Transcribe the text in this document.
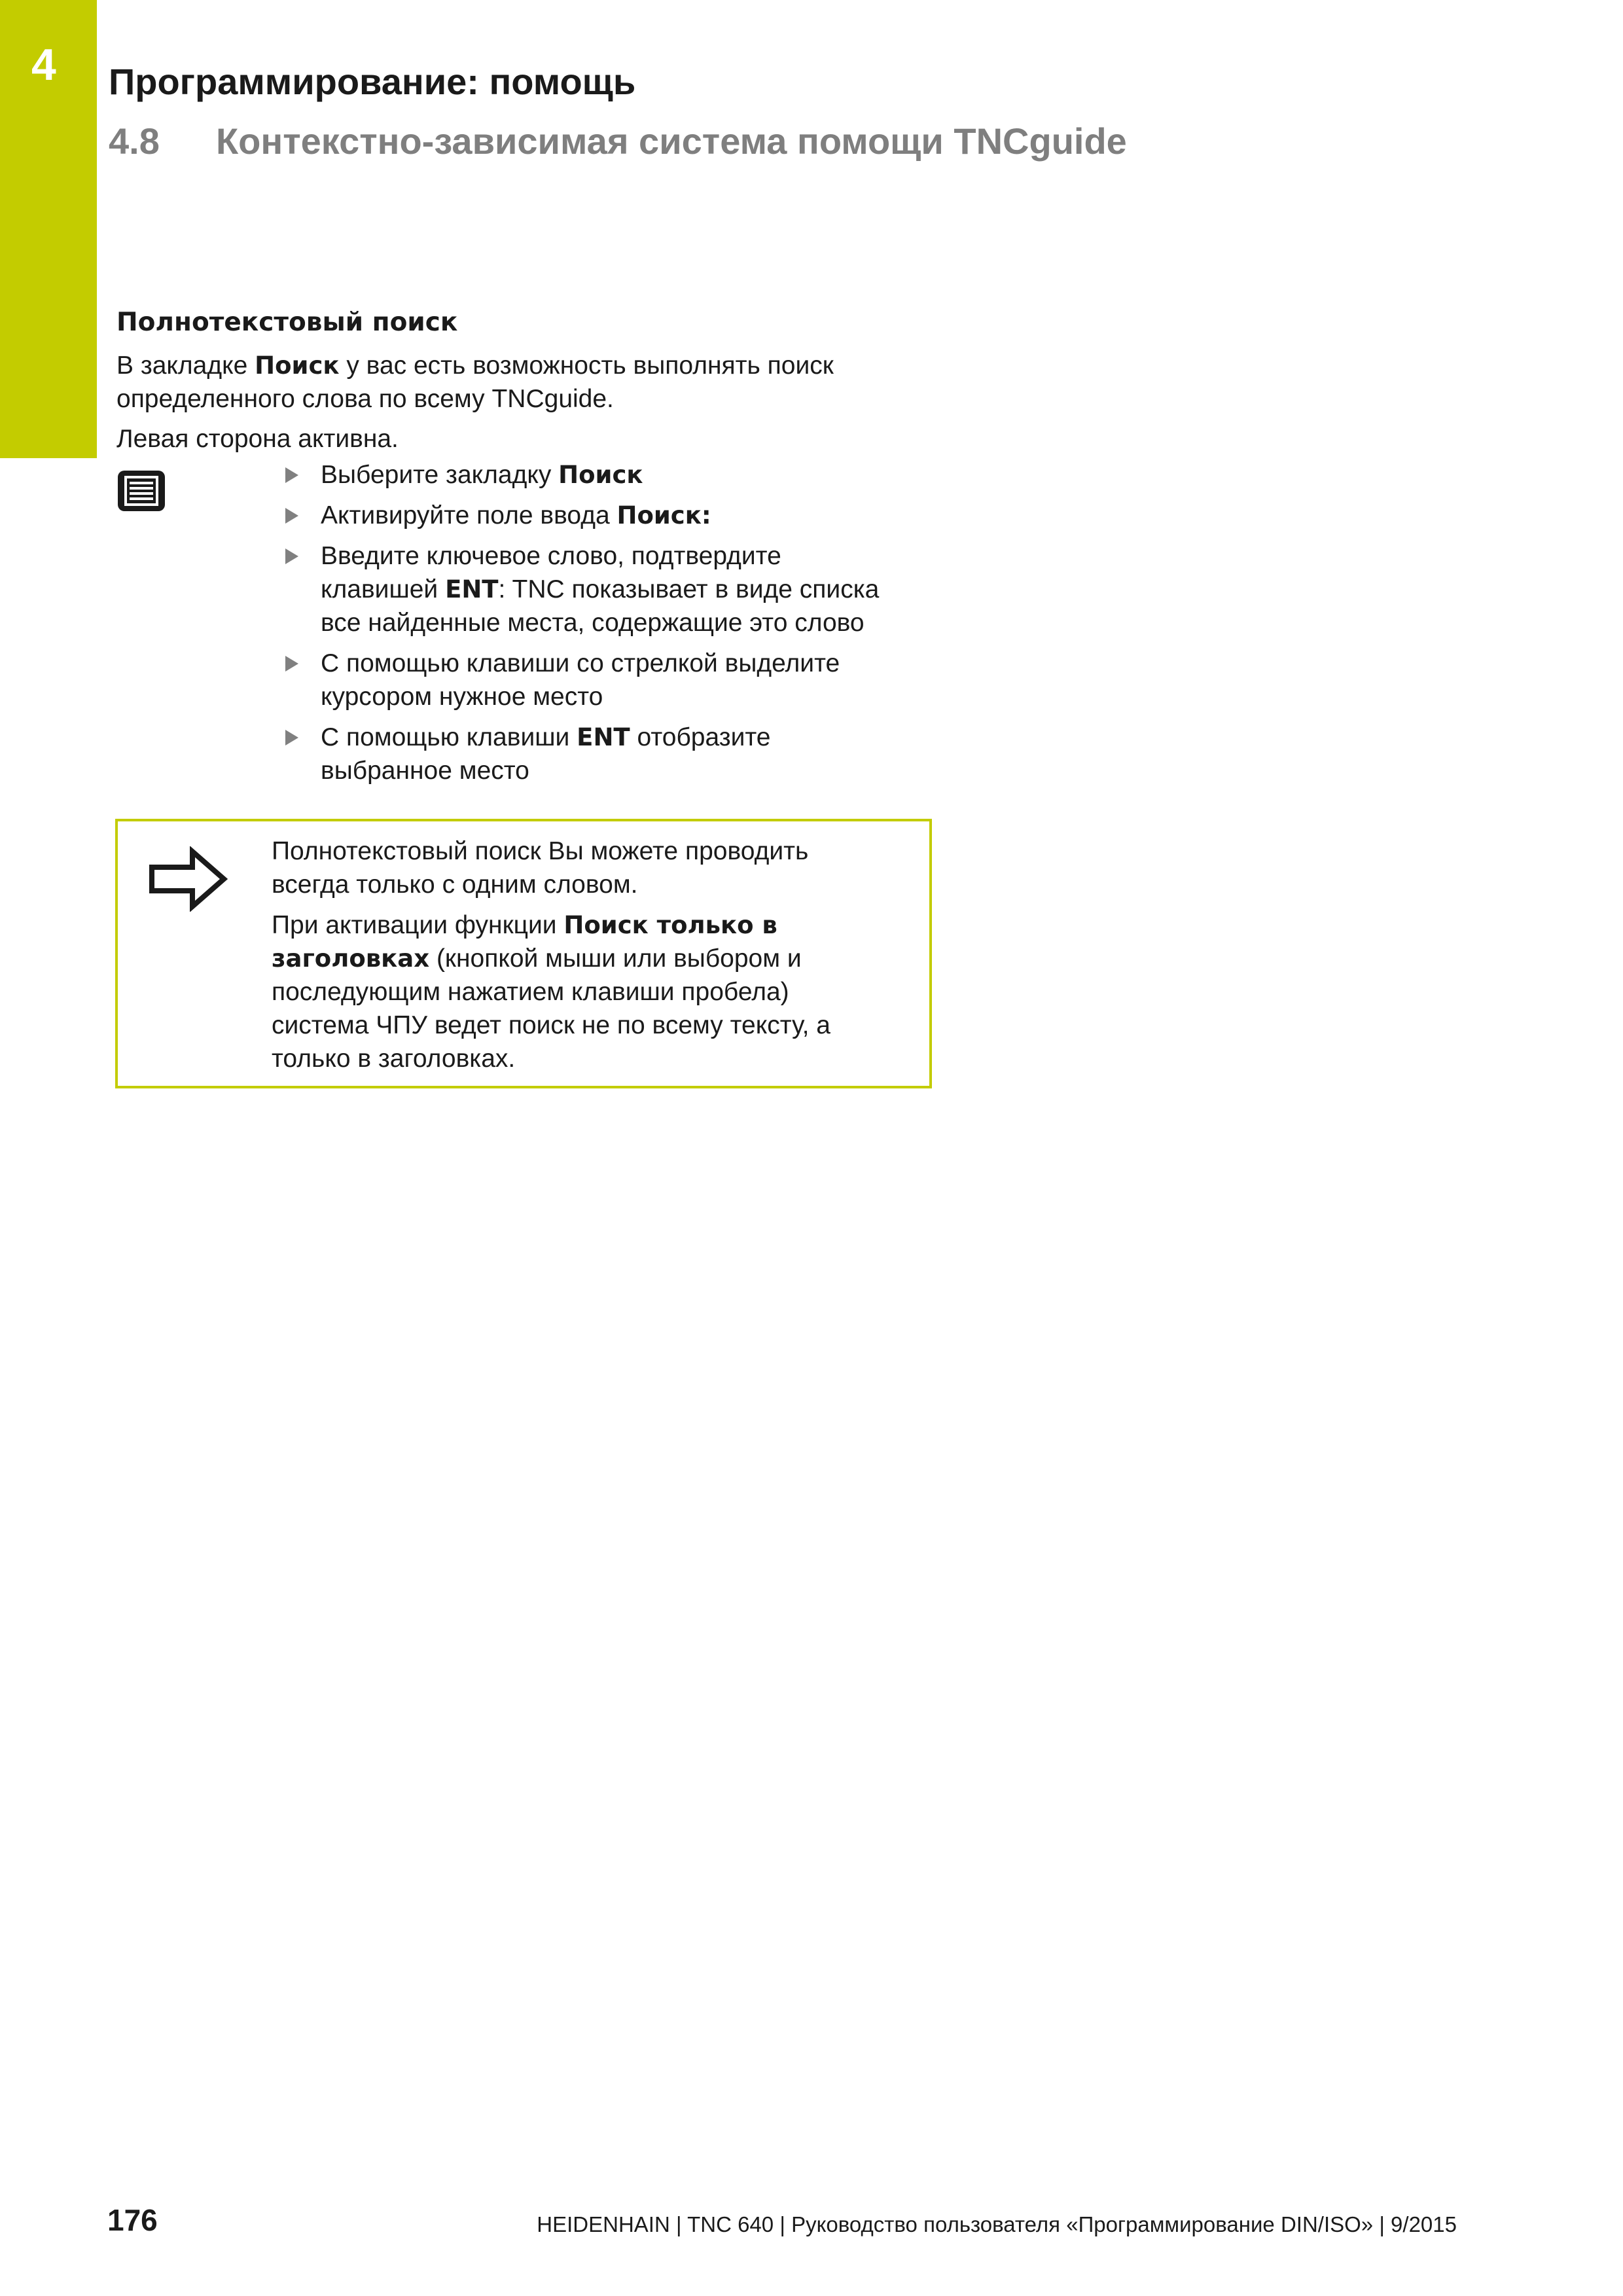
4 Программирование: помощь
4.8 Контекстно-зависимая система помощи TNCguide
Полнотекстовый поиск
В закладке Поиск у вас есть возможность выполнять поиск
определенного слова по всему TNCguide.
Левая сторона активна.
Выберите закладку Поиск
Активируйте поле ввода Поиск:
Введите ключевое слово, подтвердите
клавишей ENT: TNC показывает в виде списка
все найденные места, содержащие это слово
С помощью клавиши со стрелкой выделите
курсором нужное место
С помощью клавиши ENT отобразите
выбранное место

Полнотекстовый поиск Вы можете проводить
всегда только с одним словом.

При активации функции Поиск только в
заголовках (кнопкой мыши или выбором и
последующим нажатием клавиши пробела)
система ЧПУ ведет поиск не по всему тексту, а
только в заголовках.

176	HEIDENHAIN | TNC 640 | Руководство пользователя «Программирование DIN/ISO» | 9/2015
